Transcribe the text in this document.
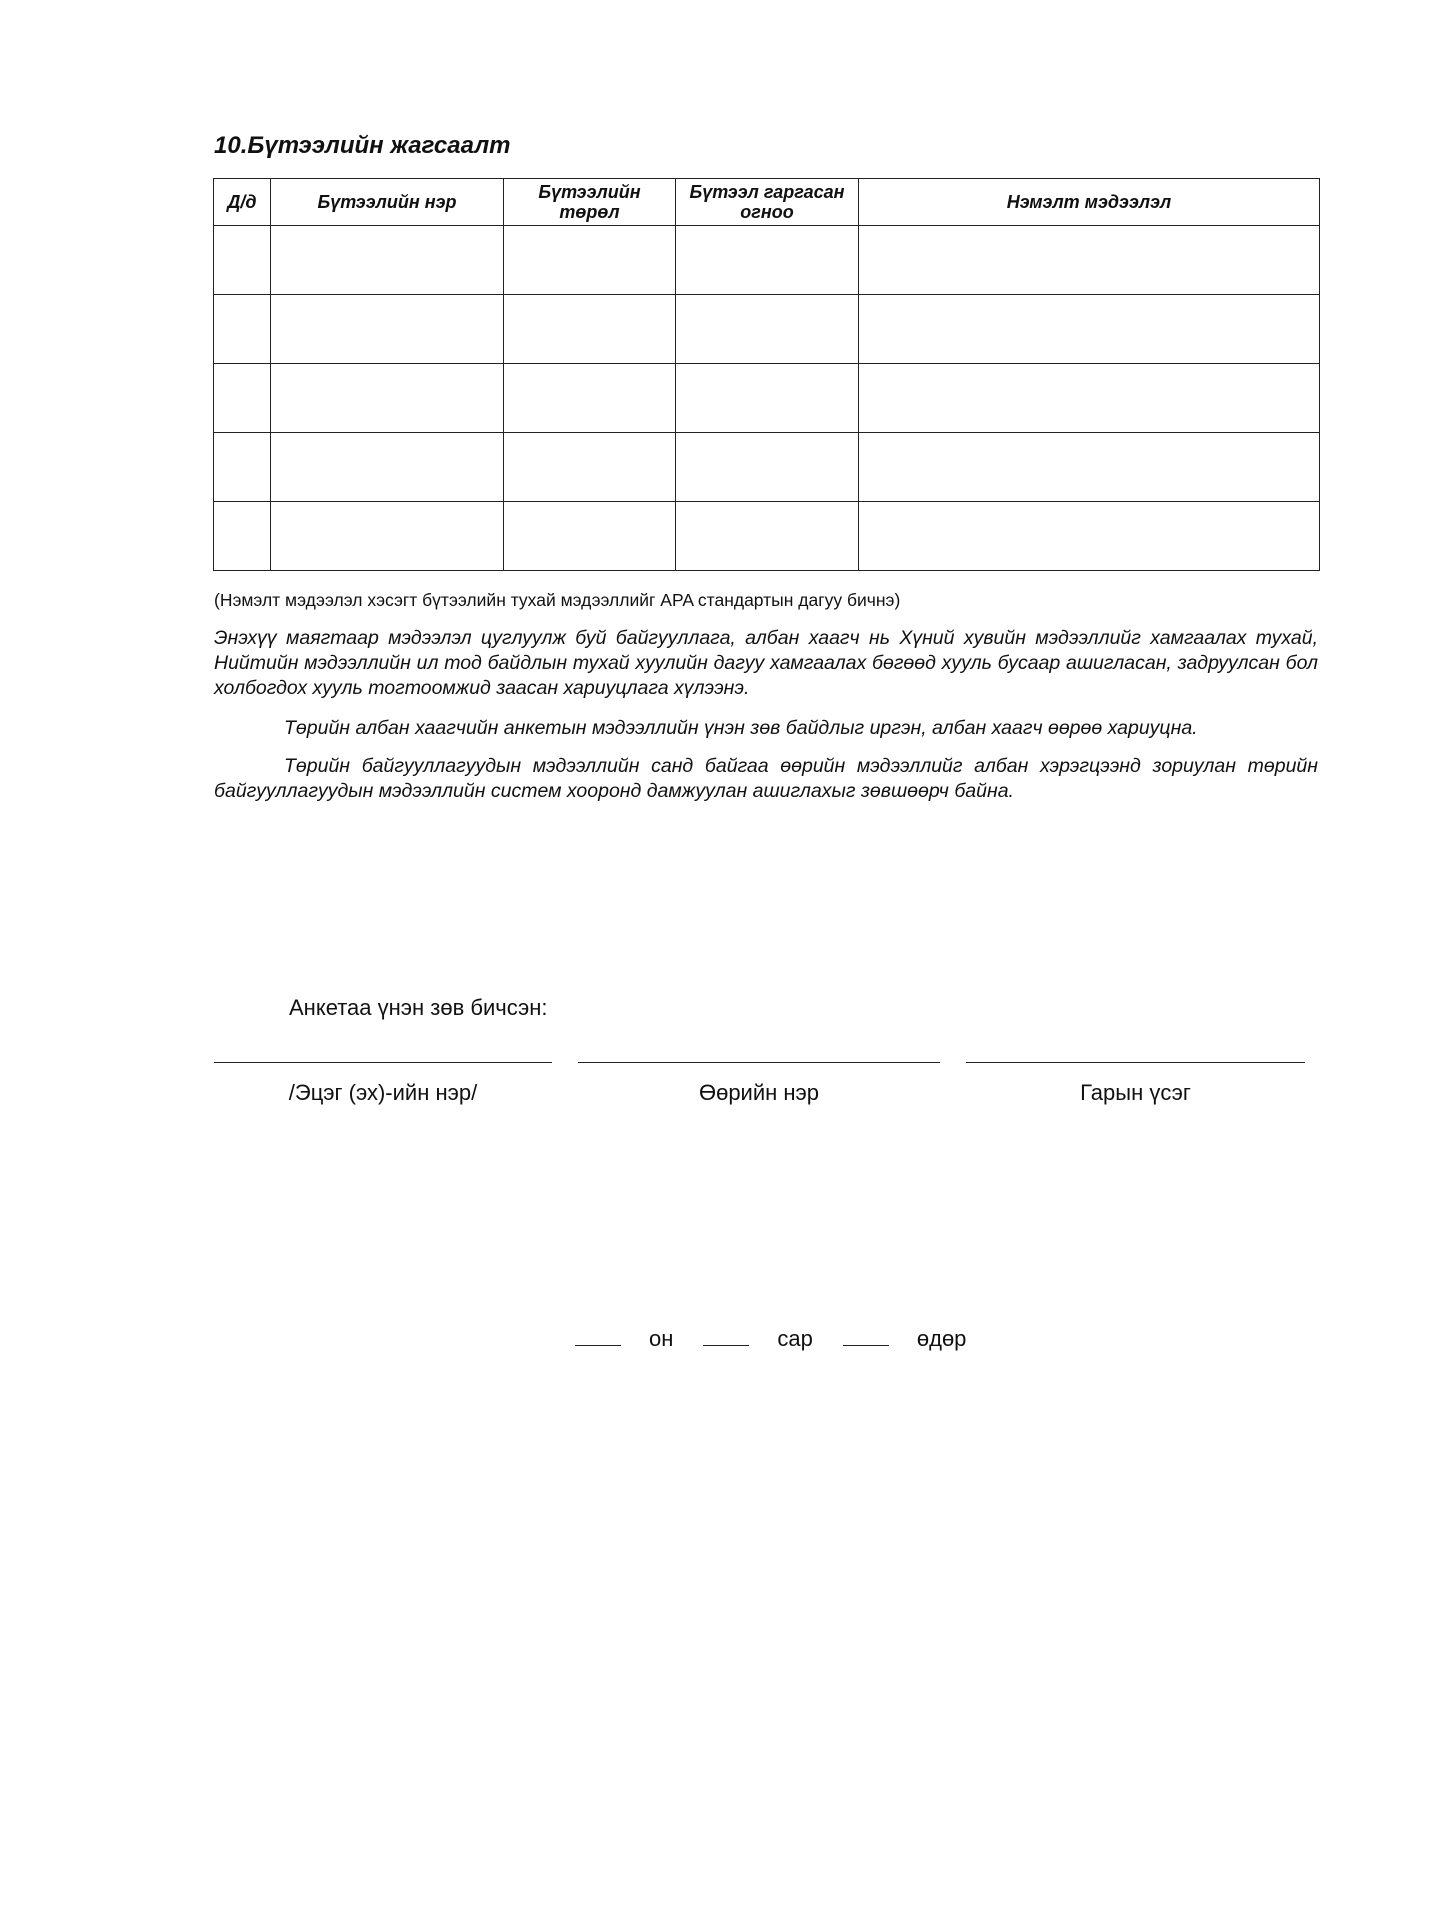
10.Бүтээлийн жагсаалт
Д/д	Бүтээлийн нэр	Бүтээлийн төрөл	Бүтээл гаргасан огноо	Нэмэлт мэдээлэл

(Нэмэлт мэдээлэл хэсэгт бүтээлийн тухай мэдээллийг APA стандартын дагуу бичнэ)

Энэхүү маягтаар мэдээлэл цуглуулж буй байгууллага, албан хаагч нь Хүний хувийн мэдээллийг хамгаалах тухай, Нийтийн мэдээллийн ил тод байдлын тухай хуулийн дагуу хамгаалах бөгөөд хууль бусаар ашигласан, задруулсан бол холбогдох хууль тогтоомжид заасан хариуцлага хүлээнэ.

Төрийн албан хаагчийн анкетын мэдээллийн үнэн зөв байдлыг иргэн, албан хаагч өөрөө хариуцна.

Төрийн байгууллагуудын мэдээллийн санд байгаа өөрийн мэдээллийг албан хэрэгцээнд зориулан төрийн байгууллагуудын мэдээллийн систем хооронд дамжуулан ашиглахыг зөвшөөрч байна.

Анкетаа үнэн зөв бичсэн:
/Эцэг (эх)-ийн нэр/	Өөрийн нэр	Гарын үсэг
он	сар	өдөр
